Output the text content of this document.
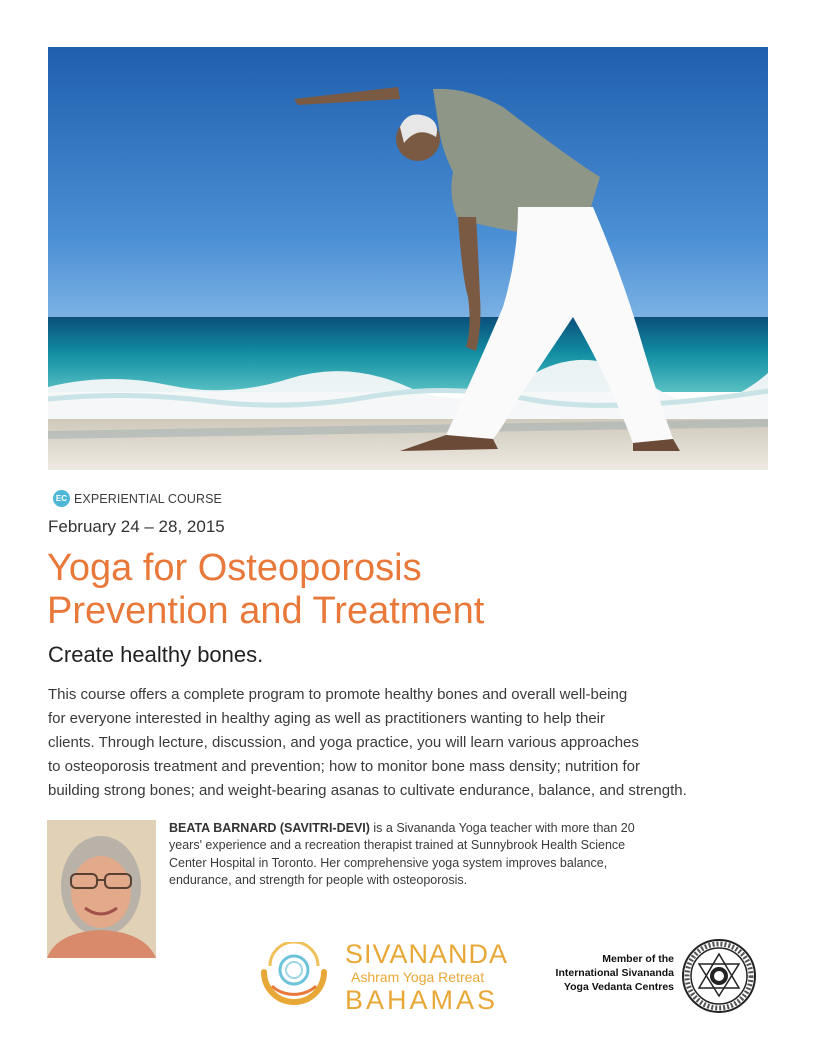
EC EXPERIENTIAL COURSE
February 24 – 28, 2015
Yoga for Osteoporosis
Prevention and Treatment
Create healthy bones.

This course offers a complete program to promote healthy bones and overall well-being
for everyone interested in healthy aging as well as practitioners wanting to help their
clients. Through lecture, discussion, and yoga practice, you will learn various approaches
to osteoporosis treatment and prevention; how to monitor bone mass density; nutrition for
building strong bones; and weight-bearing asanas to cultivate endurance, balance, and strength.

BEATA BARNARD (SAVITRI-DEVI) is a Sivananda Yoga teacher with more than 20
years' experience and a recreation therapist trained at Sunnybrook Health Science
Center Hospital in Toronto. Her comprehensive yoga system improves balance,
endurance, and strength for people with osteoporosis.

SIVANANDA
Ashram Yoga Retreat
BAHAMAS
Member of the
International Sivananda
Yoga Vedanta Centres
